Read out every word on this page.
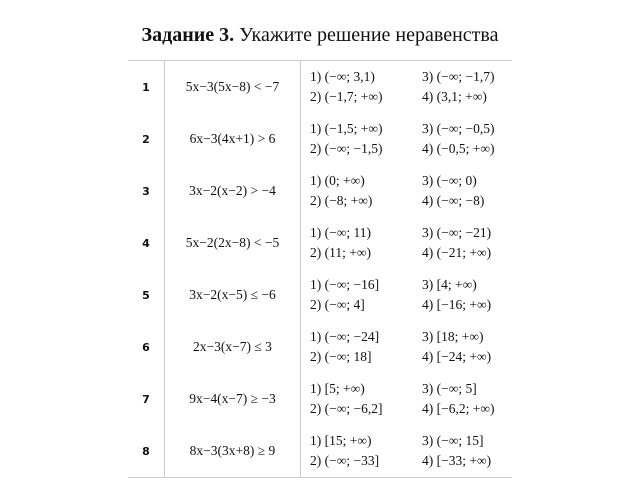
Задание 3. Укажите решение неравенства
1	5x−3(5x−8) < −7
1) (−∞; 3,1)
2) (−1,7; +∞)
3) (−∞; −1,7)
4) (3,1; +∞)
2	6x−3(4x+1) > 6
1) (−1,5; +∞)
2) (−∞; −1,5)
3) (−∞; −0,5)
4) (−0,5; +∞)
3	3x−2(x−2) > −4
1) (0; +∞)
2) (−8; +∞)
3) (−∞; 0)
4) (−∞; −8)
4	5x−2(2x−8) < −5
1) (−∞; 11)
2) (11; +∞)
3) (−∞; −21)
4) (−21; +∞)
5	3x−2(x−5) ≤ −6
1) (−∞; −16]
2) (−∞; 4]
3) [4; +∞)
4) [−16; +∞)
6	2x−3(x−7) ≤ 3
1) (−∞; −24]
2) (−∞; 18]
3) [18; +∞)
4) [−24; +∞)
7	9x−4(x−7) ≥ −3
1) [5; +∞)
2) (−∞; −6,2]
3) (−∞; 5]
4) [−6,2; +∞)
8	8x−3(3x+8) ≥ 9
1) [15; +∞)
2) (−∞; −33]
3) (−∞; 15]
4) [−33; +∞)
